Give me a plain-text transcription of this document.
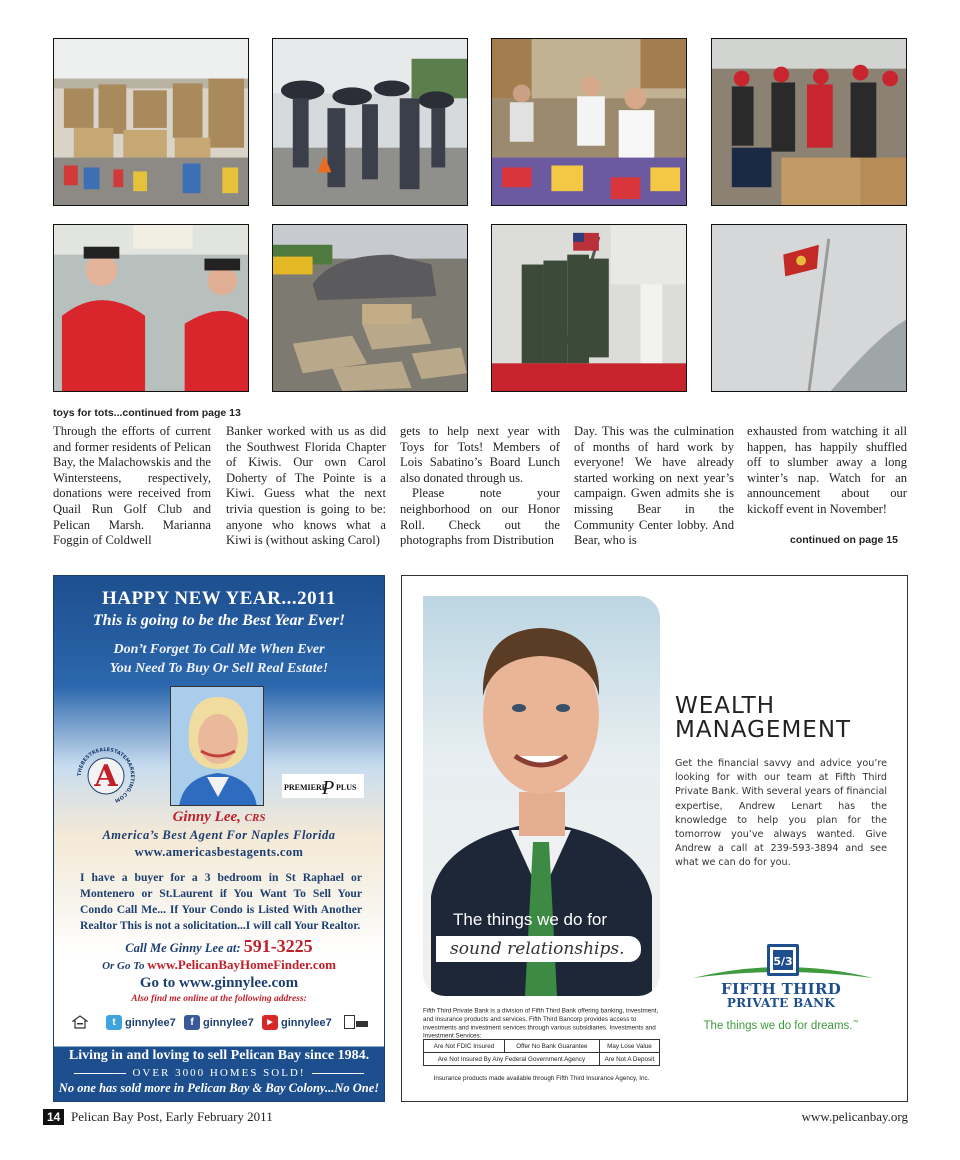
toys for tots...continued from page 13

Through the efforts of current and former residents of Pelican Bay, the Malachowskis and the Wintersteens, respectively, donations were received from Quail Run Golf Club and Pelican Marsh. Marianna Foggin of Coldwell

Banker worked with us as did the Southwest Florida Chapter of Kiwis. Our own Carol Doherty of The Pointe is a Kiwi. Guess what the next trivia question is going to be: anyone who knows what a Kiwi is (without asking Carol)

gets to help next year with Toys for Tots! Members of Lois Sabatino’s Board Lunch also donated through us.

Please note your neighborhood on our Honor Roll. Check out the photographs from Distribution

Day. This was the culmination of months of hard work by everyone! We have already started working on next year’s campaign. Gwen admits she is missing Bear in the Community Center lobby. And Bear, who is

exhausted from watching it all happen, has happily shuffled off to slumber away a long winter’s nap. Watch for an announcement about our kickoff event in November!

continued on page 15
HAPPY NEW YEAR...2011
This is going to be the Best Year Ever!
Don’t Forget To Call Me When Ever
You Need To Buy Or Sell Real Estate!
THEBESTREALESTATEMARKETING.COM
A	PREMIERE
P PLUS
Ginny Lee, CRS
America’s Best Agent For Naples Florida
www.americasbestagents.com
I have a buyer for a 3 bedroom in St Raphael or Montenero or St.Laurent if You Want To Sell Your Condo Call Me... If Your Condo is Listed With Another Realtor This is not a solicitation...I will call Your Realtor.
Call Me Ginny Lee at: 591-3225
Or Go To www.PelicanBayHomeFinder.com
Go to www.ginnylee.com
Also find me online at the following address:
t ginnylee7	f ginnylee7	▶ ginnylee7
Living in and loving to sell Pelican Bay since 1984.
OVER 3000 HOMES SOLD!
No one has sold more in Pelican Bay & Bay Colony...No One!
The things we do for
sound relationships.
Fifth Third Private Bank is a division of Fifth Third Bank offering banking, investment, and insurance products and services. Fifth Third Bancorp provides access to investments and investment services through various subsidiaries. Investments and Investment Services:
Are Not FDIC Insured	Offer No Bank Guarantee	May Lose Value
Are Not Insured By Any Federal Government Agency		Are Not A Deposit
Insurance products made available through Fifth Third Insurance Agency, Inc.
WEALTH
MANAGEMENT
Get the financial savvy and advice you’re looking for with our team at Fifth Third Private Bank. With several years of financial expertise, Andrew Lenart has the knowledge to help you plan for the tomorrow you’ve always wanted. Give Andrew a call at 239-593-3894 and see what we can do for you.
5/3
FIFTH THIRD
PRIVATE BANK
The things we do for dreams.™
14 Pelican Bay Post, Early February 2011	www.pelicanbay.org
